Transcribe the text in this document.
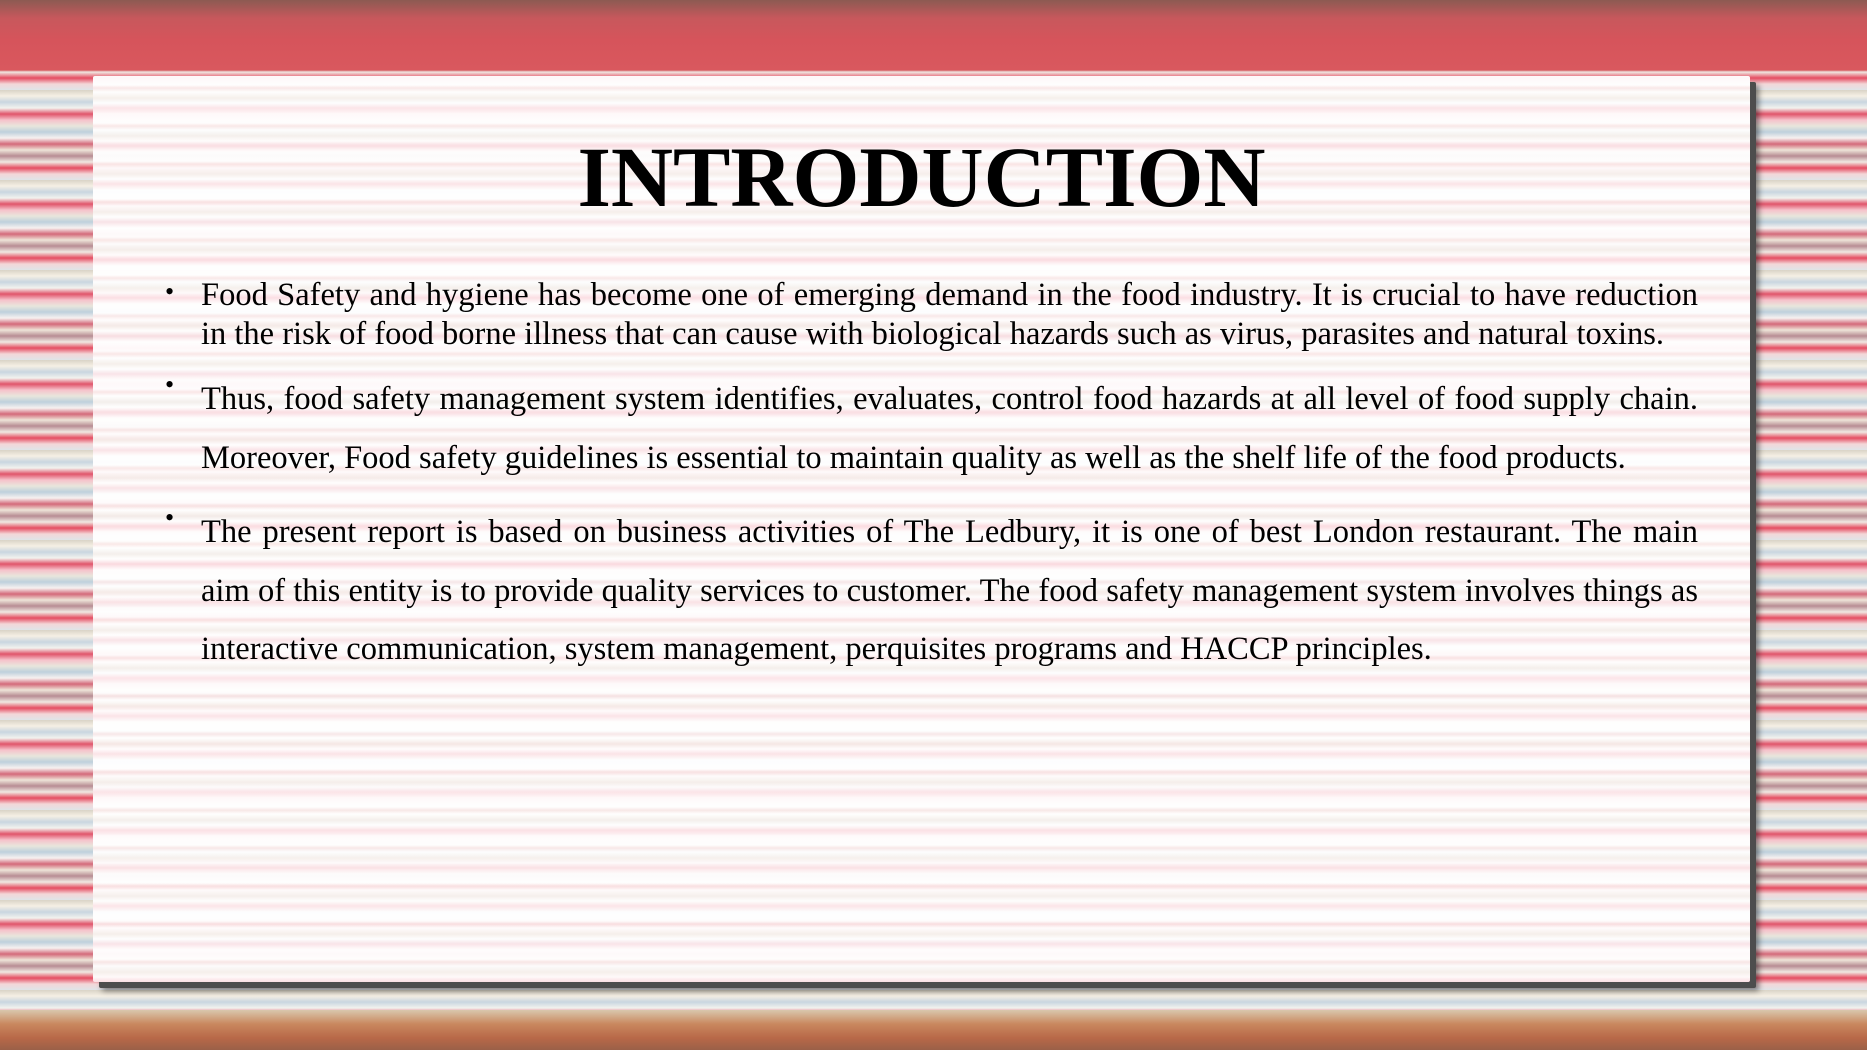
INTRODUCTION
• Food Safety and hygiene has become one of emerging demand in the food industry. It is crucial to have reduction in the risk of food borne illness that can cause with biological hazards such as virus, parasites and natural toxins.
• Thus, food safety management system identifies, evaluates, control food hazards at all level of food supply chain. Moreover, Food safety guidelines is essential to maintain quality as well as the shelf life of the food products.
• The present report is based on business activities of The Ledbury, it is one of best London restaurant. The main aim of this entity is to provide quality services to customer. The food safety management system involves things as interactive communication, system management, perquisites programs and HACCP principles.
